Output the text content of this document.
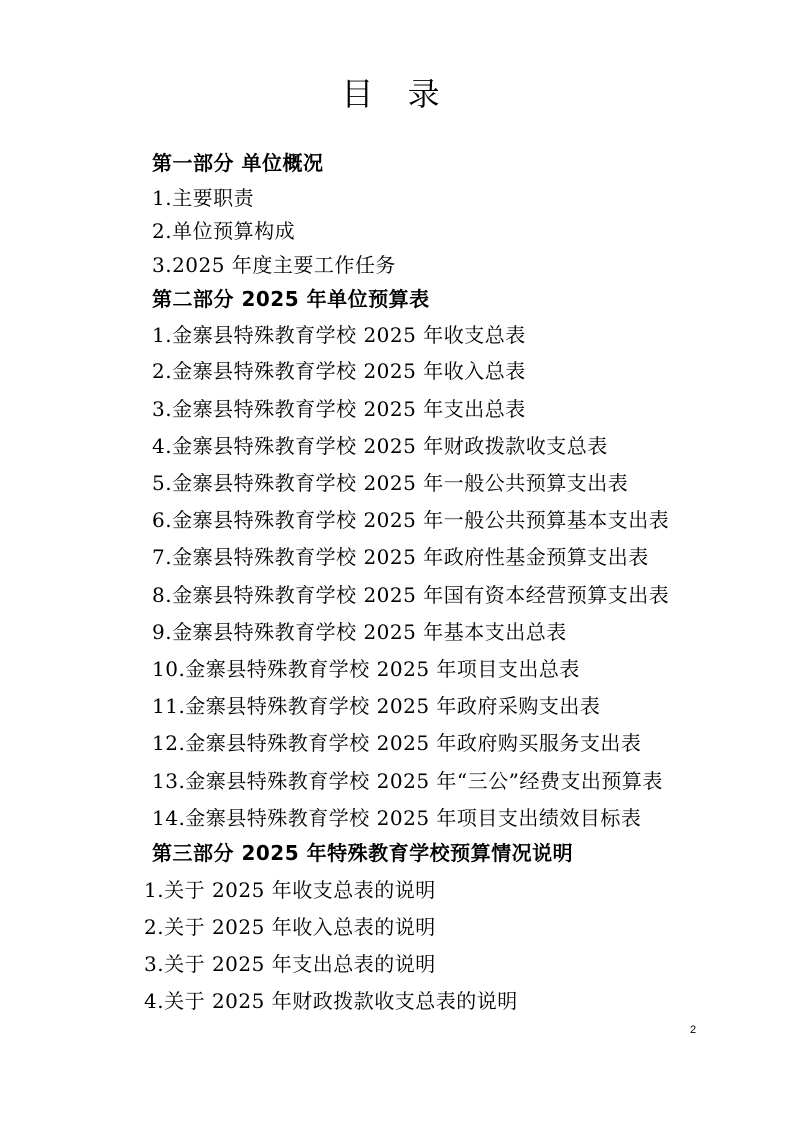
目 录
第一部分 单位概况
1.主要职责
2.单位预算构成
3.2025 年度主要工作任务
第二部分 2025 年单位预算表
1.金寨县特殊教育学校 2025 年收支总表
2.金寨县特殊教育学校 2025 年收入总表
3.金寨县特殊教育学校 2025 年支出总表
4.金寨县特殊教育学校 2025 年财政拨款收支总表
5.金寨县特殊教育学校 2025 年一般公共预算支出表
6.金寨县特殊教育学校 2025 年一般公共预算基本支出表
7.金寨县特殊教育学校 2025 年政府性基金预算支出表
8.金寨县特殊教育学校 2025 年国有资本经营预算支出表
9.金寨县特殊教育学校 2025 年基本支出总表
10.金寨县特殊教育学校 2025 年项目支出总表
11.金寨县特殊教育学校 2025 年政府采购支出表
12.金寨县特殊教育学校 2025 年政府购买服务支出表
13.金寨县特殊教育学校 2025 年“三公”经费支出预算表
14.金寨县特殊教育学校 2025 年项目支出绩效目标表
第三部分 2025 年特殊教育学校预算情况说明
1.关于 2025 年收支总表的说明
2.关于 2025 年收入总表的说明
3.关于 2025 年支出总表的说明
4.关于 2025 年财政拨款收支总表的说明
2
